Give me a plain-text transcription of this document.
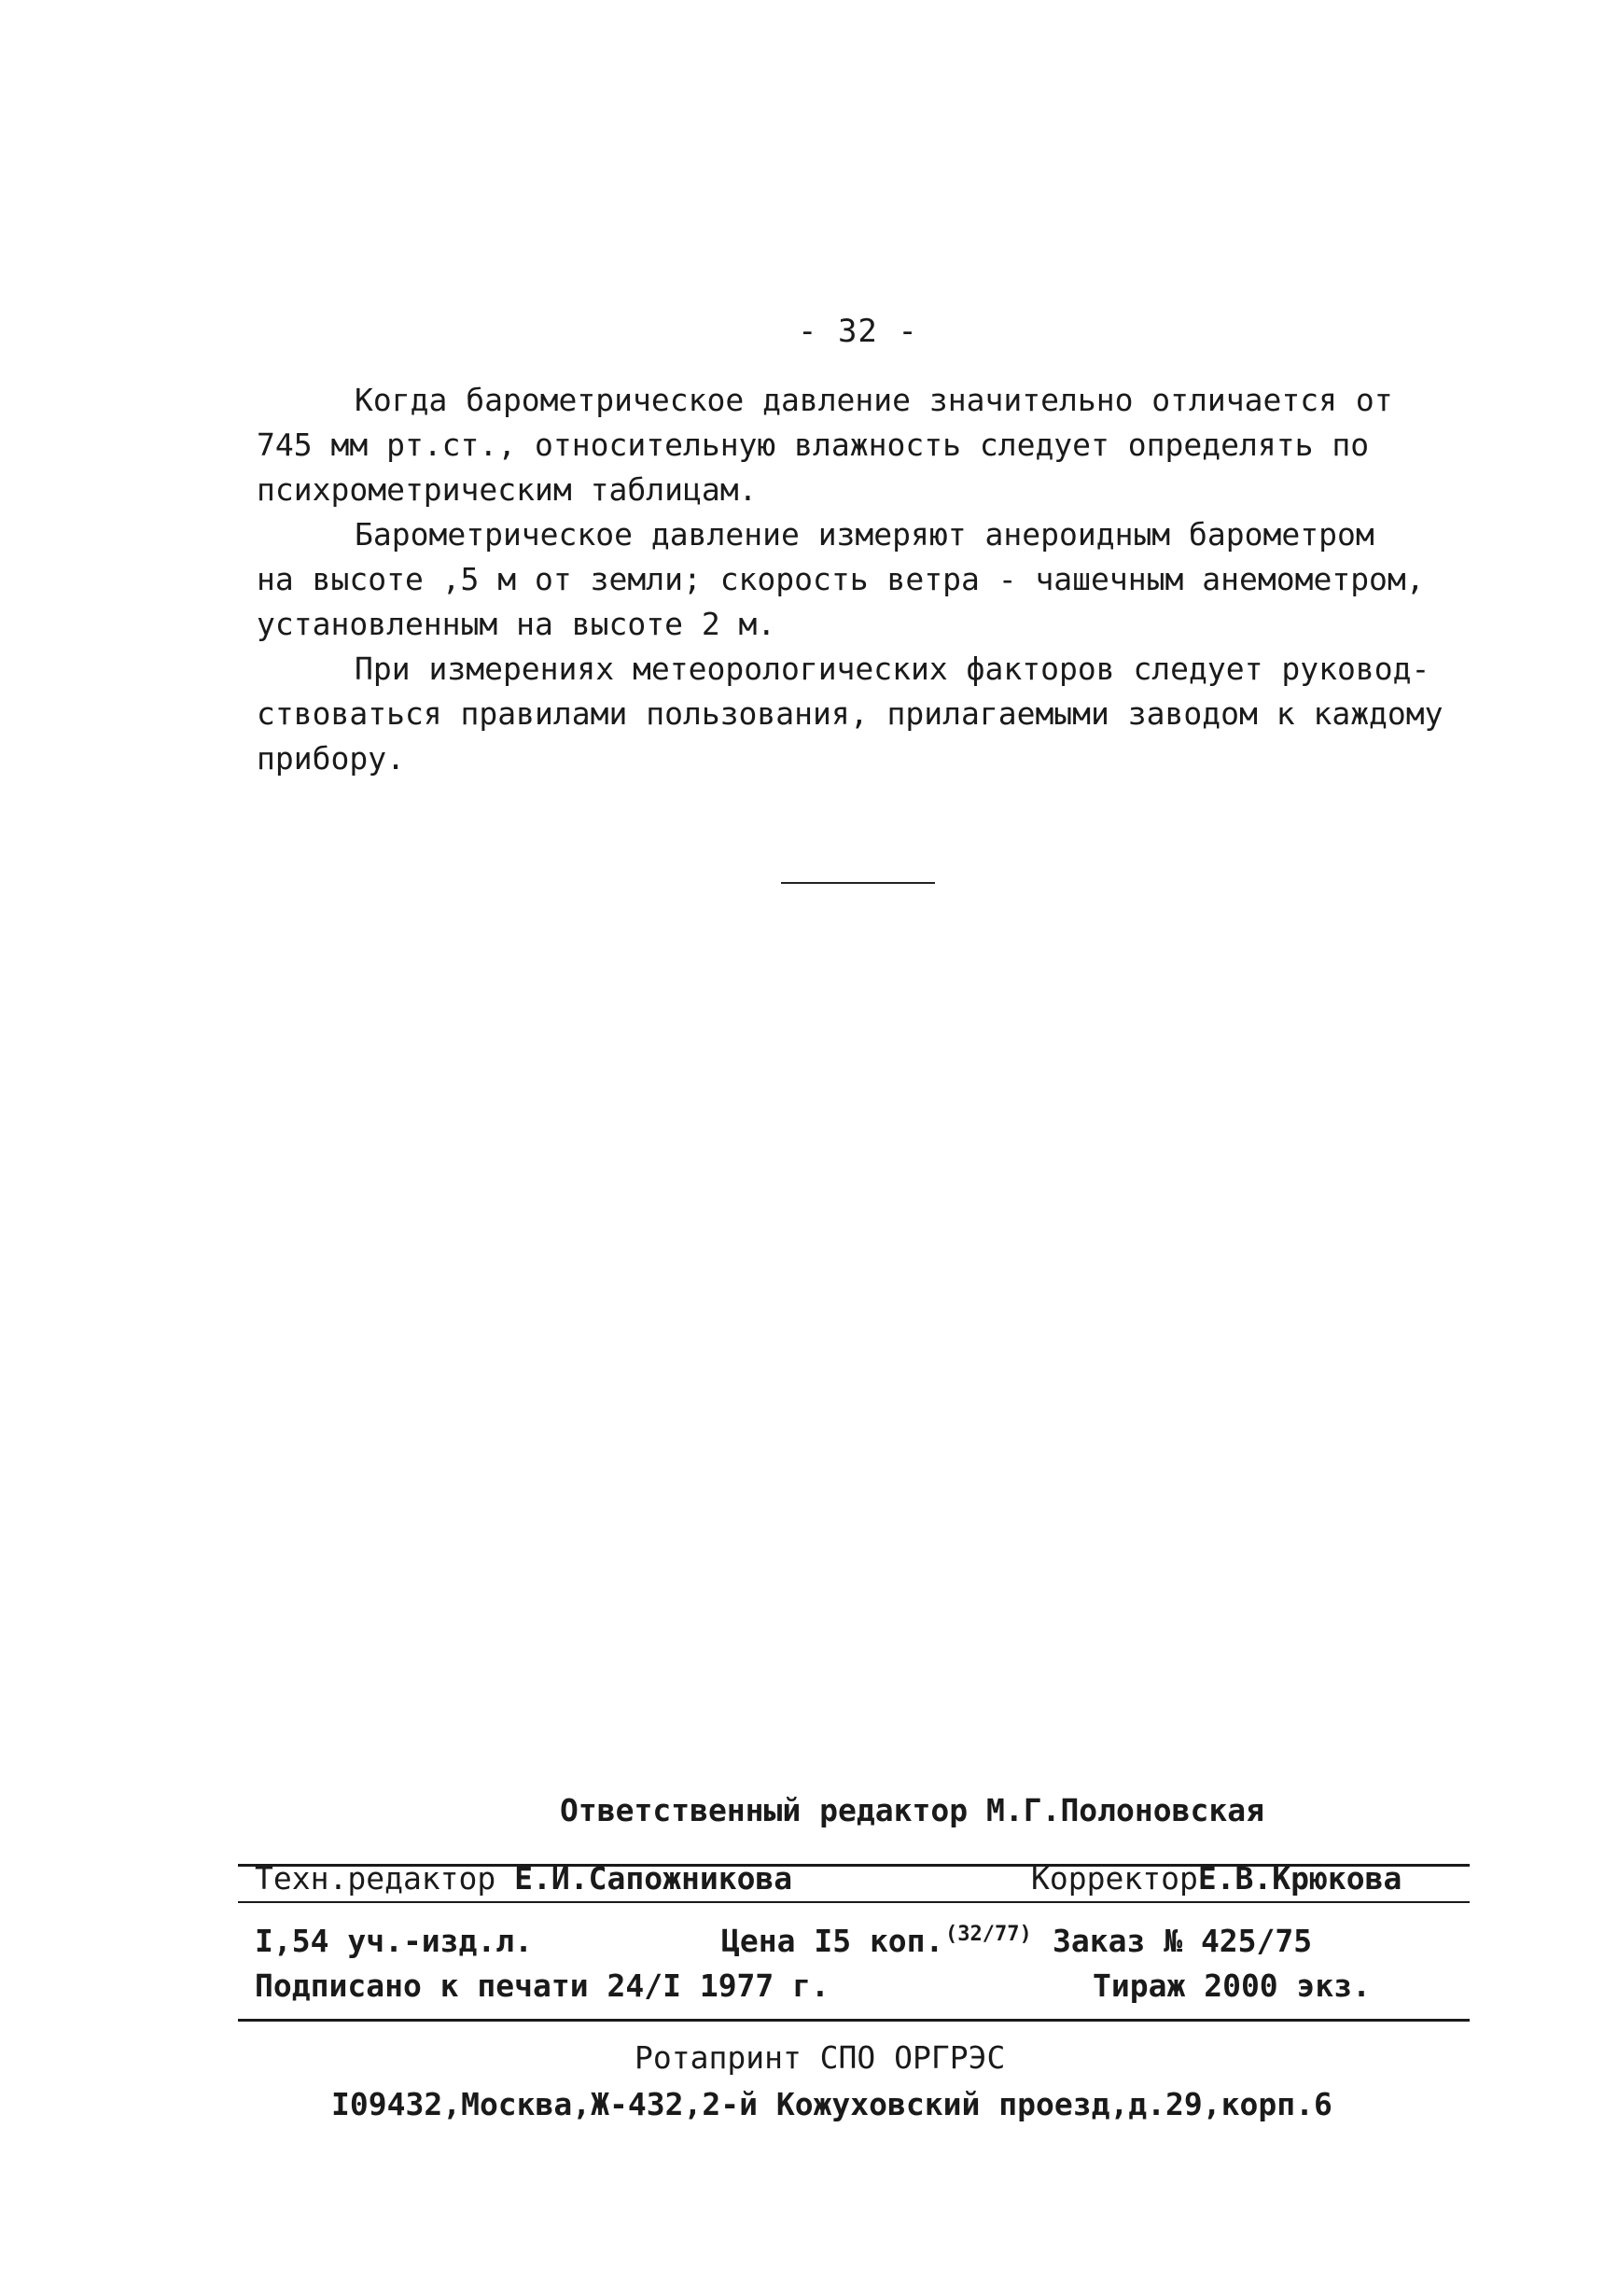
- 32 -
Когда барометрическое давление значительно отличается от
745 мм рт.ст., относительную влажность следует определять по
психрометрическим таблицам.
Барометрическое давление измеряют анероидным барометром
на высоте ,5 м от земли; скорость ветра - чашечным анемометром,
установленным на высоте 2 м.
При измерениях метеорологических факторов следует руковод-
ствоваться правилами пользования, прилагаемыми заводом к каждому
прибору.
Ответственный редактор М.Г.Полоновская
Техн.редактор Е.И.Сапожникова	КорректорЕ.В.Крюкова
I,54 уч.-изд.л.	Цена I5 коп. (32/77) Заказ № 425/75
Подписано к печати 24/I 1977 г.	Тираж 2000 экз.
Ротапринт СПО ОРГРЭС
I09432,Москва,Ж-432,2-й Кожуховский проезд,д.29,корп.6
